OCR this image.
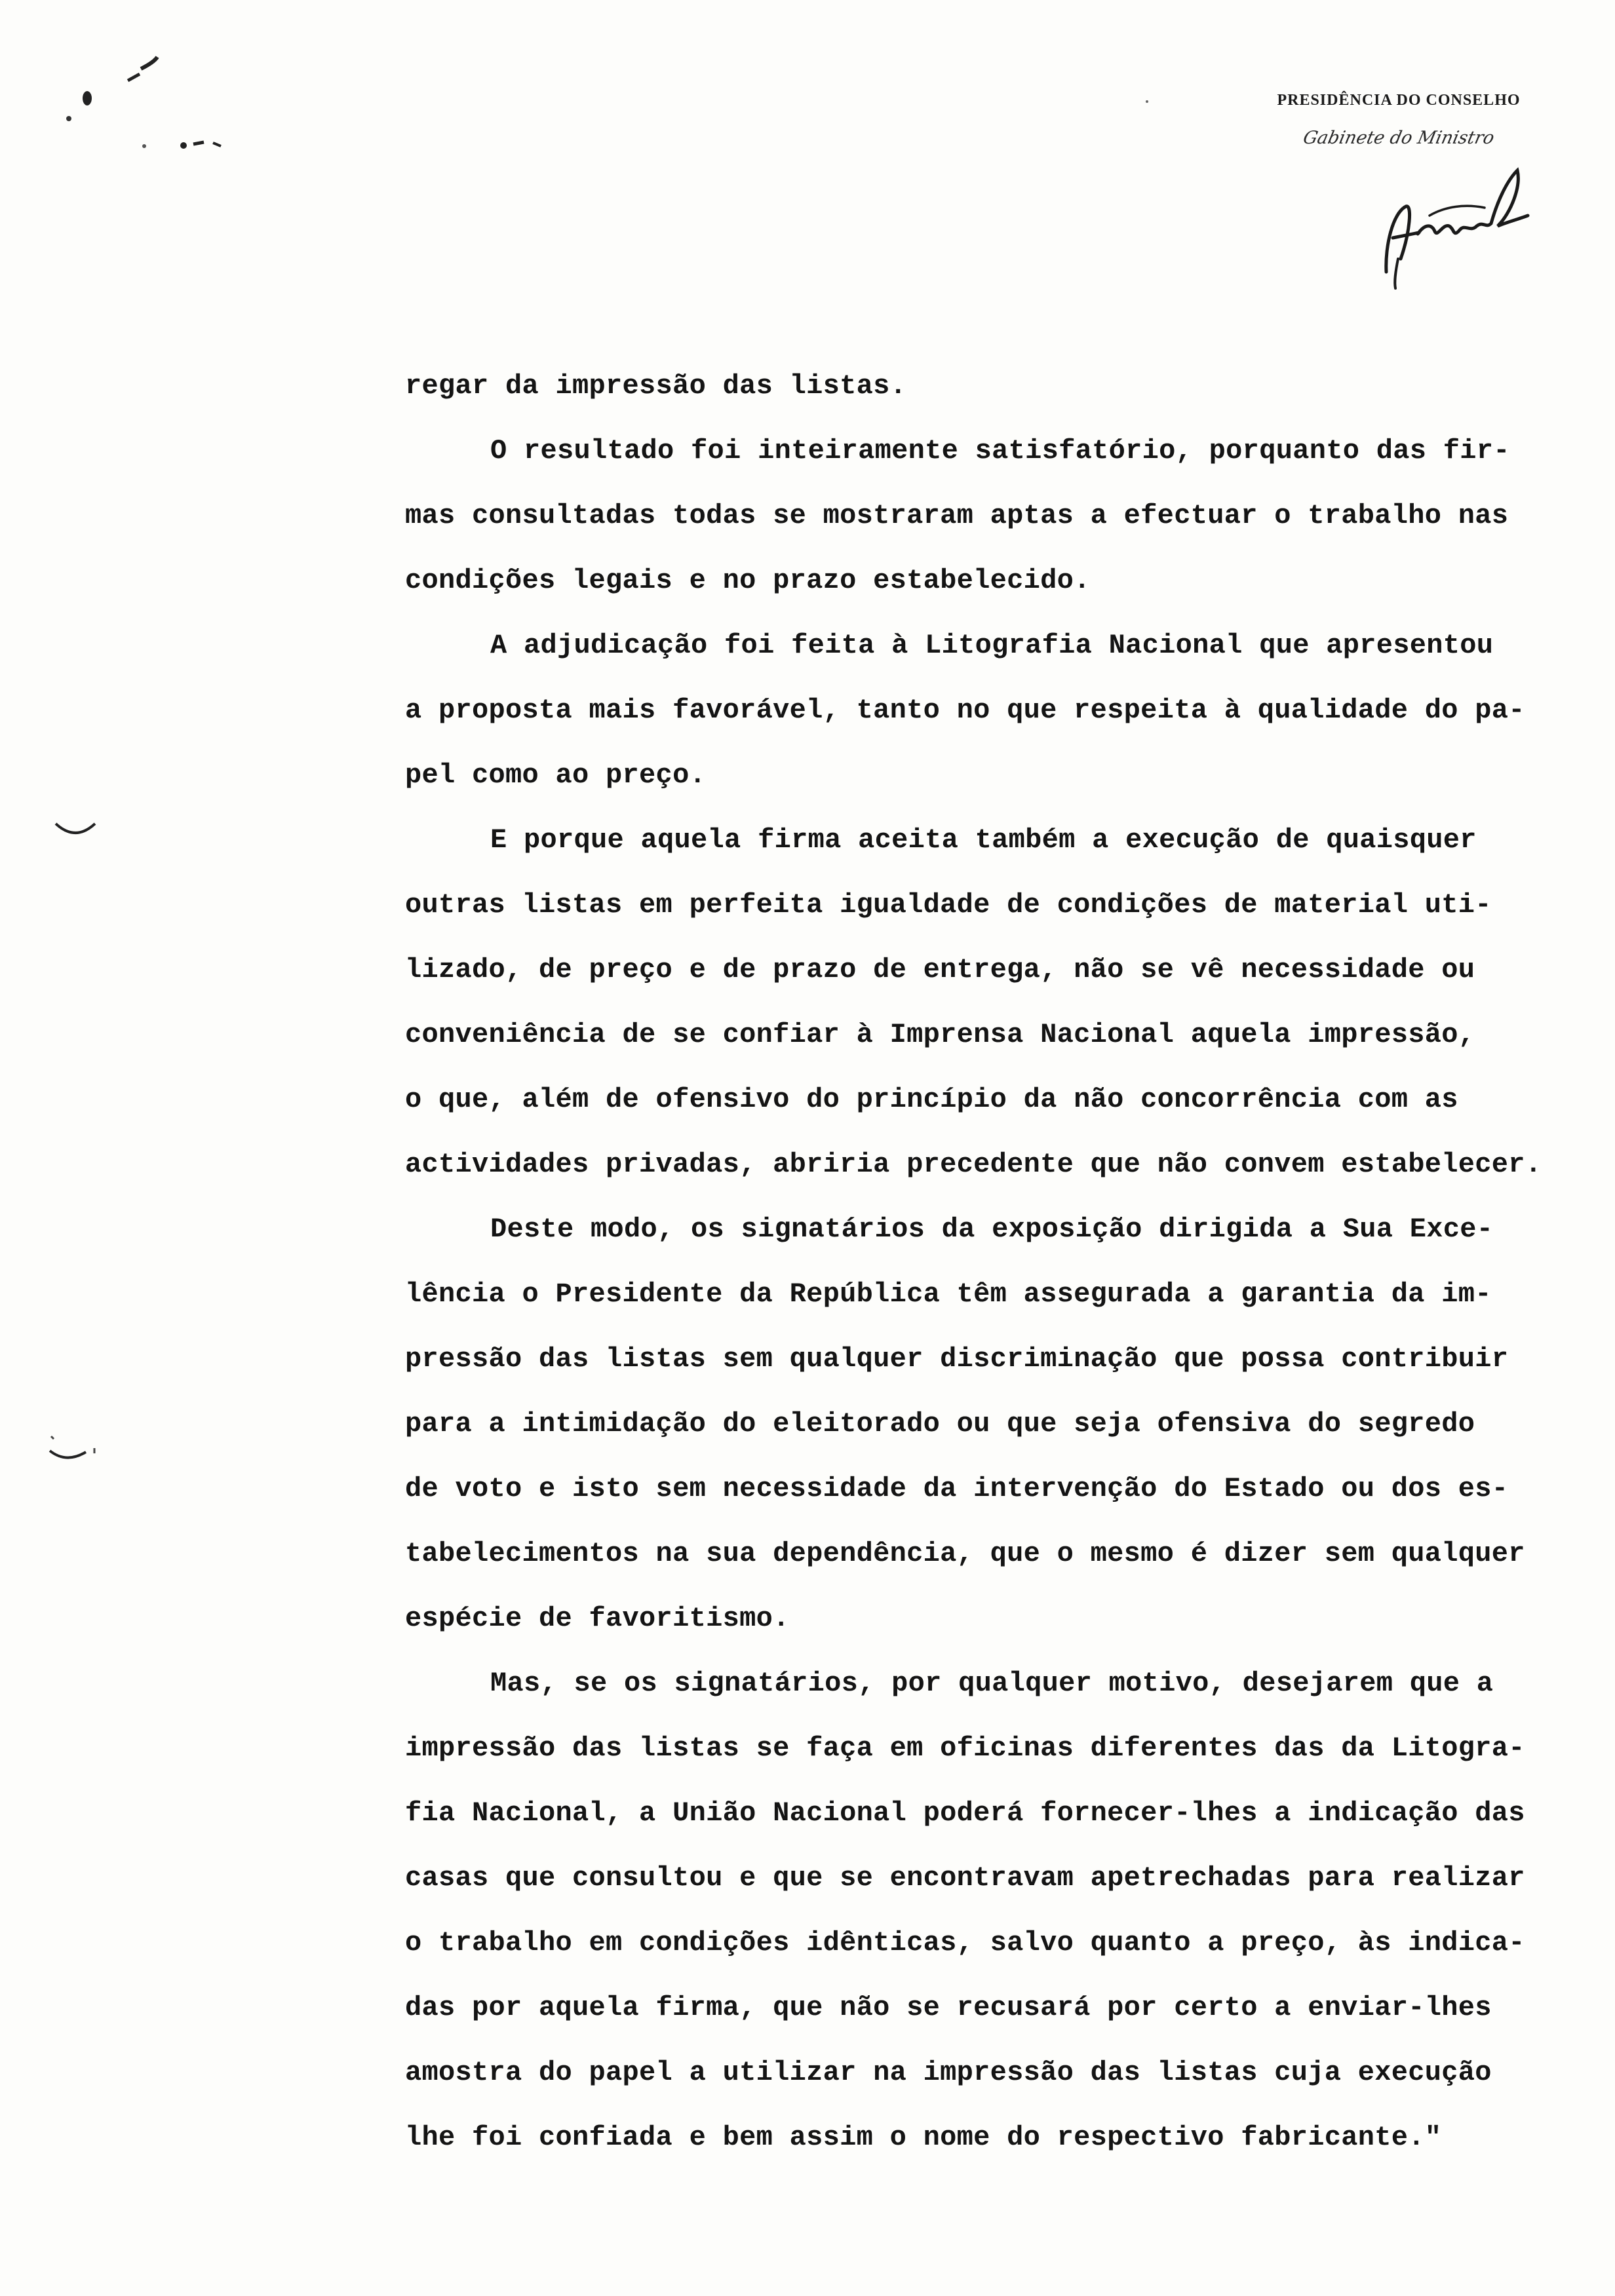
PRESIDÊNCIA DO CONSELHO
Gabinete do Ministro
regar da impressão das listas.
O resultado foi inteiramente satisfatório, porquanto das fir-
mas consultadas todas se mostraram aptas a efectuar o trabalho nas
condições legais e no prazo estabelecido.
A adjudicação foi feita à Litografia Nacional que apresentou
a proposta mais favorável, tanto no que respeita à qualidade do pa-
pel como ao preço.
E porque aquela firma aceita também a execução de quaisquer
outras listas em perfeita igualdade de condições de material uti-
lizado, de preço e de prazo de entrega, não se vê necessidade ou
conveniência de se confiar à Imprensa Nacional aquela impressão,
o que, além de ofensivo do princípio da não concorrência com as
actividades privadas, abriria precedente que não convem estabelecer.
Deste modo, os signatários da exposição dirigida a Sua Exce-
lência o Presidente da República têm assegurada a garantia da im-
pressão das listas sem qualquer discriminação que possa contribuir
para a intimidação do eleitorado ou que seja ofensiva do segredo
de voto e isto sem necessidade da intervenção do Estado ou dos es-
tabelecimentos na sua dependência, que o mesmo é dizer sem qualquer
espécie de favoritismo.
Mas, se os signatários, por qualquer motivo, desejarem que a
impressão das listas se faça em oficinas diferentes das da Litogra-
fia Nacional, a União Nacional poderá fornecer-lhes a indicação das
casas que consultou e que se encontravam apetrechadas para realizar
o trabalho em condições idênticas, salvo quanto a preço, às indica-
das por aquela firma, que não se recusará por certo a enviar-lhes
amostra do papel a utilizar na impressão das listas cuja execução
lhe foi confiada e bem assim o nome do respectivo fabricante."
